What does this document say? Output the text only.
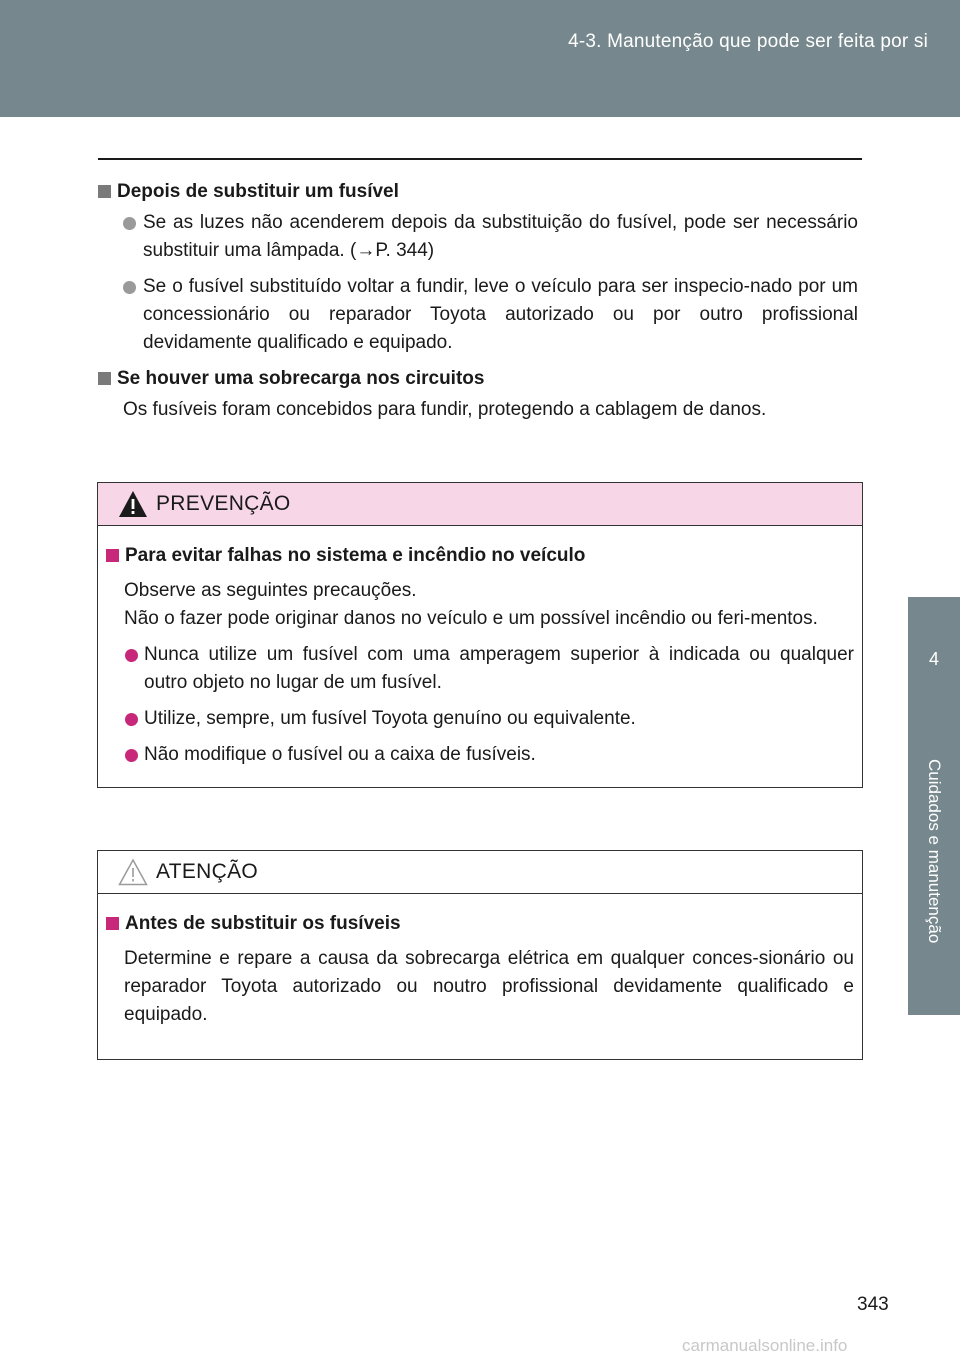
4-3. Manutenção que pode ser feita por si
4
Cuidados e manutenção
Depois de substituir um fusível
Se as luzes não acenderem depois da substituição do fusível, pode ser necessário substituir uma lâmpada. (→P. 344)
Se o fusível substituído voltar a fundir, leve o veículo para ser inspecio-nado por um concessionário ou reparador Toyota autorizado ou por outro profissional devidamente qualificado e equipado.
Se houver uma sobrecarga nos circuitos
Os fusíveis foram concebidos para fundir, protegendo a cablagem de danos.
PREVENÇÃO
Para evitar falhas no sistema e incêndio no veículo
Observe as seguintes precauções.
Não o fazer pode originar danos no veículo e um possível incêndio ou feri-mentos.
Nunca utilize um fusível com uma amperagem superior à indicada ou qualquer outro objeto no lugar de um fusível.
Utilize, sempre, um fusível Toyota genuíno ou equivalente.
Não modifique o fusível ou a caixa de fusíveis.
ATENÇÃO
Antes de substituir os fusíveis
Determine e repare a causa da sobrecarga elétrica em qualquer conces-sionário ou reparador Toyota autorizado ou noutro profissional devidamente qualificado e equipado.
343
carmanualsonline.info
